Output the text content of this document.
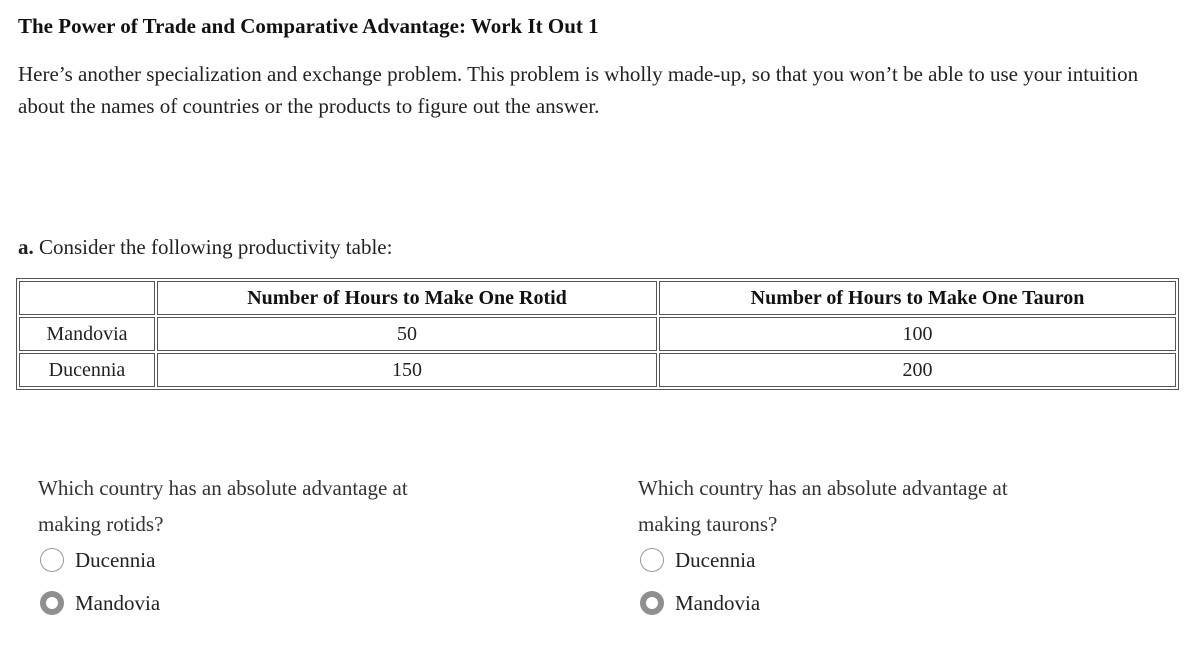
The Power of Trade and Comparative Advantage: Work It Out 1
Here’s another specialization and exchange problem. This problem is wholly made-up, so that you won’t be able to use your intuition about the names of countries or the products to figure out the answer.
a. Consider the following productivity table:
	Number of Hours to Make One Rotid	Number of Hours to Make One Tauron
Mandovia	50	100
Ducennia	150	200
Which country has an absolute advantage at making rotids?
Ducennia
Mandovia
Which country has an absolute advantage at making taurons?
Ducennia
Mandovia
